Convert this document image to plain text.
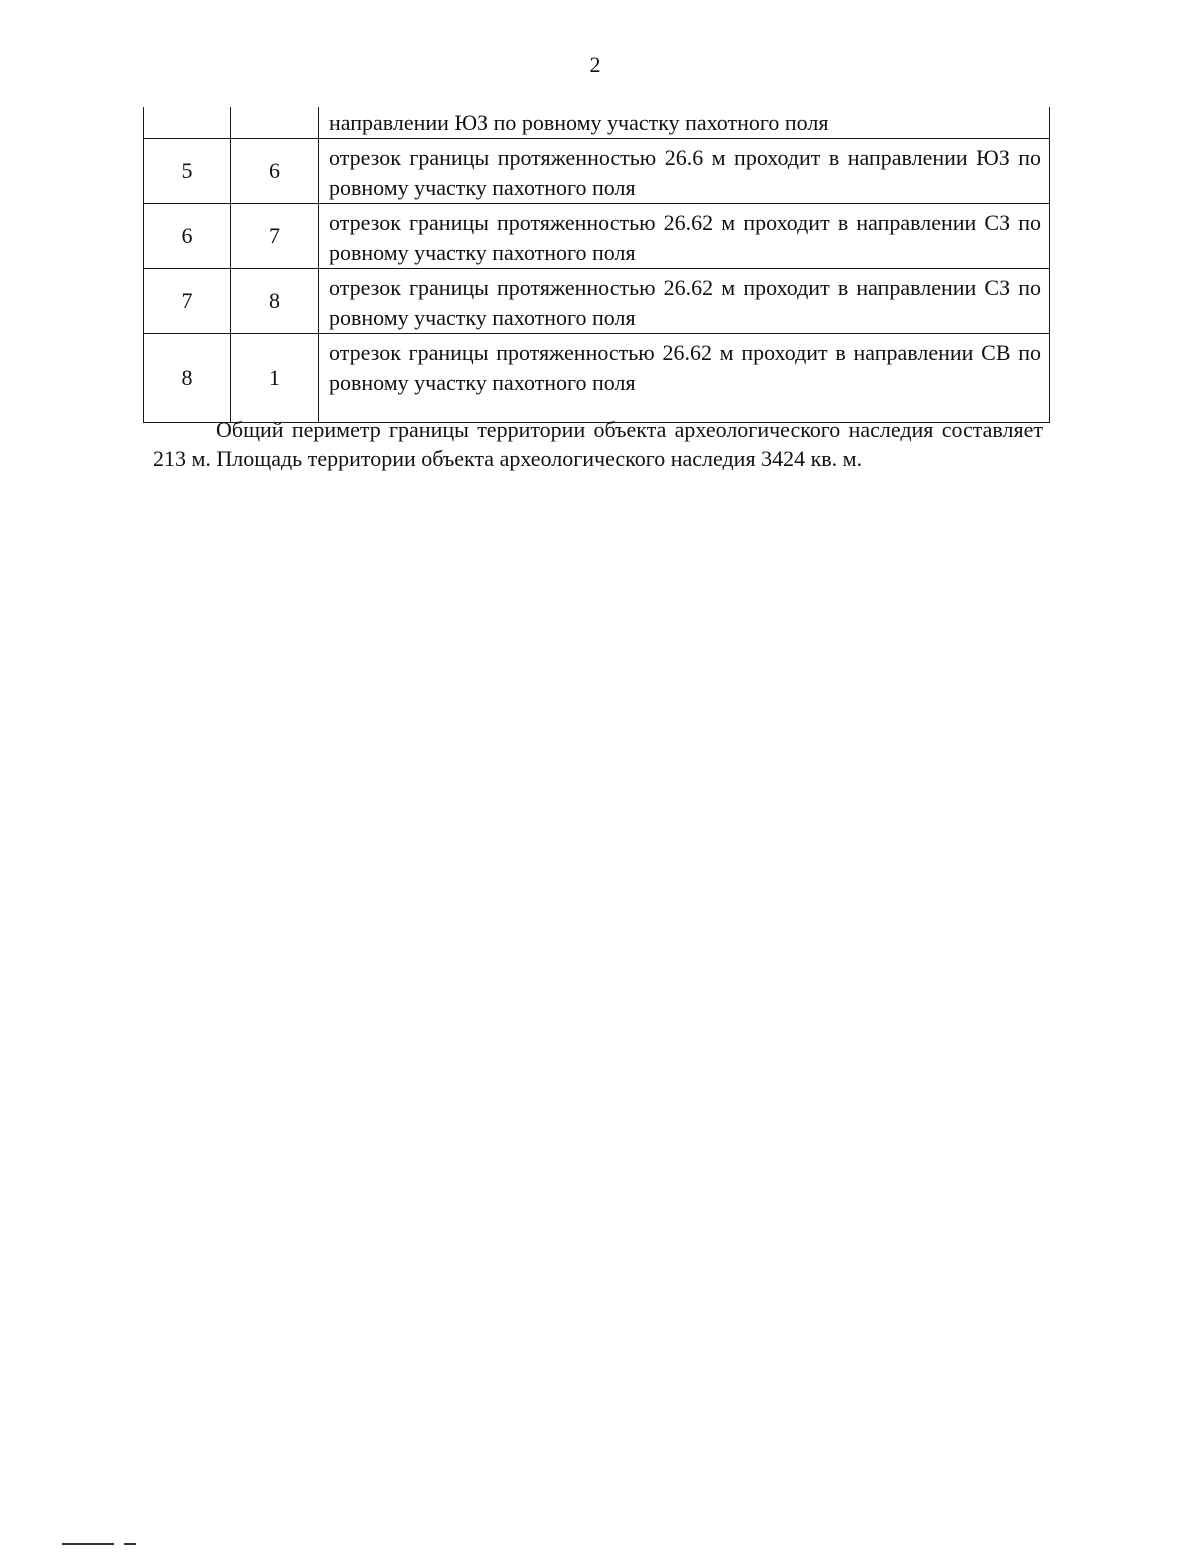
2

		направлении ЮЗ по ровному участку пахотного поля

5	6	отрезок границы протяженностью 26.6 м проходит в направлении ЮЗ по ровному участку пахотного поля

6	7	отрезок границы протяженностью 26.62 м проходит в направлении СЗ по ровному участку пахотного поля

7	8	отрезок границы протяженностью 26.62 м проходит в направлении СЗ по ровному участку пахотного поля

8	1	отрезок границы протяженностью 26.62 м проходит в направлении СВ по ровному участку пахотного поля

Общий периметр границы территории объекта археологического наследия составляет 213 м. Площадь территории объекта археологического наследия 3424 кв. м.
